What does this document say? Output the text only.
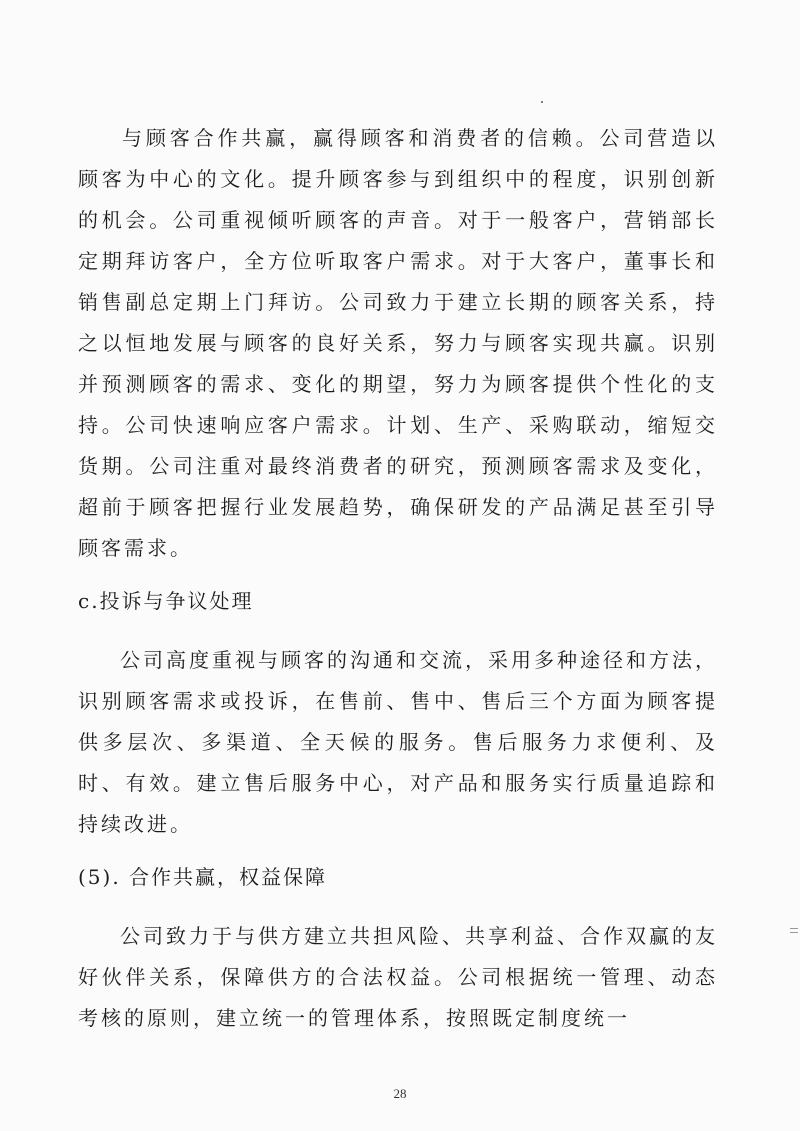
与顾客合作共赢，赢得顾客和消费者的信赖。公司营造以顾客为中心的文化。提升顾客参与到组织中的程度，识别创新的机会。公司重视倾听顾客的声音。对于一般客户，营销部长定期拜访客户，全方位听取客户需求。对于大客户，董事长和销售副总定期上门拜访。公司致力于建立长期的顾客关系，持之以恒地发展与顾客的良好关系，努力与顾客实现共赢。识别并预测顾客的需求、变化的期望，努力为顾客提供个性化的支持。公司快速响应客户需求。计划、生产、采购联动，缩短交货期。公司注重对最终消费者的研究，预测顾客需求及变化，超前于顾客把握行业发展趋势，确保研发的产品满足甚至引导顾客需求。

c.投诉与争议处理

公司高度重视与顾客的沟通和交流，采用多种途径和方法，识别顾客需求或投诉，在售前、售中、售后三个方面为顾客提供多层次、多渠道、全天候的服务。售后服务力求便利、及时、有效。建立售后服务中心，对产品和服务实行质量追踪和持续改进。

(5). 合作共赢，权益保障

公司致力于与供方建立共担风险、共享利益、合作双赢的友好伙伴关系，保障供方的合法权益。公司根据统一管理、动态考核的原则，建立统一的管理体系，按照既定制度统一

28
